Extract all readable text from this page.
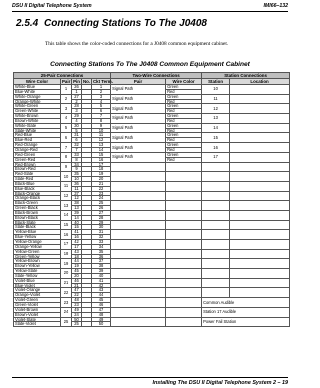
DSU II Digital Telephone System	IMI66–132
2.5.4 Connecting Stations To The J0408
This table shows the color-coded connections for a J0408 common equipment cabinet.
Connecting Stations To The J0408 Common Equipment Cabinet
25-Pair Connections					Two-Wire Connections		Station Connections	
Wire Color	Pair	Pin	No.	Ckt Term.	Pair	Wire Color	Station	Location
White-Blue	1	26		1	Signal Path	Green	10	
Blue-White		1		2		Red		
White-Orange	2	27		3	Signal Path	Green	11	
Orange-White		2		4		Red		
White-Green	3	28		5	Signal Path	Green	12	
Green-White		3		6		Red		
White-Brown	4	29		7	Signal Path	Green	13	
Brown-White		4		8		Red		
White-Slate	5	30		9	Signal Path	Green	14	
Slate-White		5		10		Red		
Red-Blue	6	31		11	Signal Path	Green	15	
Blue-Red		6		12		Red		
Red-Orange	7	32		13	Signal Path	Green	16	
Orange-Red		7		14		Red		
Red-Green	8	33		15	Signal Path	Green	17	
Green-Red		8		16		Red		
Red-Brown	9	34		17				
Brown-Red		9		18				
Red-Slate	10	35		19				
Slate-Red		10		20				
Black-Blue	11	36		21				
Blue-Black		11		22				
Black-Orange	12	37		23				
Orange-Black		12		24				
Black-Green	13	38		25				
Green-Black		13		26				
Black-Brown	14	39		27				
Brown-Black		14		28				
Black-Slate	15	40		29				
Slate-Black		15		30				
Yellow-Blue	16	41		31				
Blue-Yellow		16		32				
Yellow-Orange	17	42		33				
Orange-Yellow		17		34				
Yellow-Green	18	43		35				
Green-Yellow		18		36				
Yellow-Brown	19	44		37				
Brown-Yellow		19		38				
Yellow-Slate	20	45		39				
Slate-Yellow		20		40				
Violet-Blue	21	46		41				
Blue-Violet		21		42				
Violet-Orange	22	47		43				
Orange-Violet		22		44				
Violet-Green	23	48		45			Common Audible	
Green-Violet		23		46				
Violet-Brown	24	49		47			Station 17 Audible	
Brown-Violet		24		48				
Violet-Slate	25	50		49			Power Fail Station	
Slate-Violet		25		50				
Installing The DSU II Digital Telephone System 2 – 19
